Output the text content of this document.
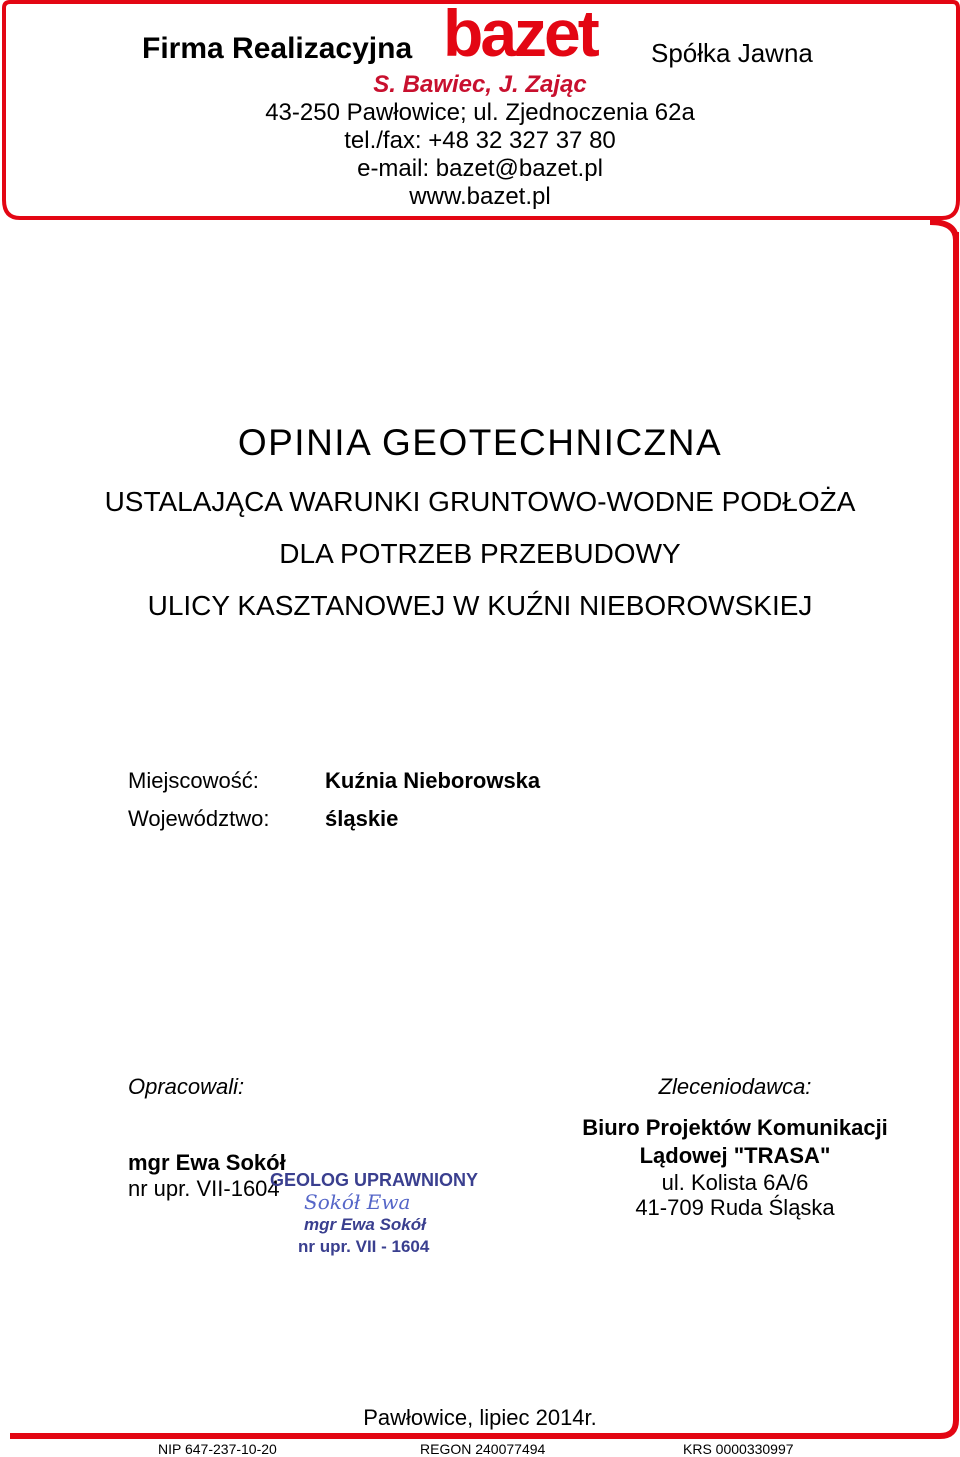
Firma Realizacyjna bazet Spółka Jawna
S. Bawiec, J. Zając
43-250 Pawłowice; ul. Zjednoczenia 62a
tel./fax: +48 32 327 37 80
e-mail: bazet@bazet.pl
www.bazet.pl
OPINIA GEOTECHNICZNA
USTALAJĄCA WARUNKI GRUNTOWO-WODNE PODŁOŻA
DLA POTRZEB PRZEBUDOWY
ULICY KASZTANOWEJ W KUŹNI NIEBOROWSKIEJ
Miejscowość:	Kuźnia Nieborowska
Województwo:	śląskie
Opracowali:
mgr Ewa Sokół
nr upr. VII-1604
GEOLOG UPRAWNIONY
Sokół Ewa
mgr Ewa Sokół
nr upr. VII - 1604
Zleceniodawca:
Biuro Projektów Komunikacji
Lądowej "TRASA"
ul. Kolista 6A/6
41-709 Ruda Śląska
Pawłowice, lipiec 2014r.
NIP 647-237-10-20	REGON 240077494	KRS 0000330997
